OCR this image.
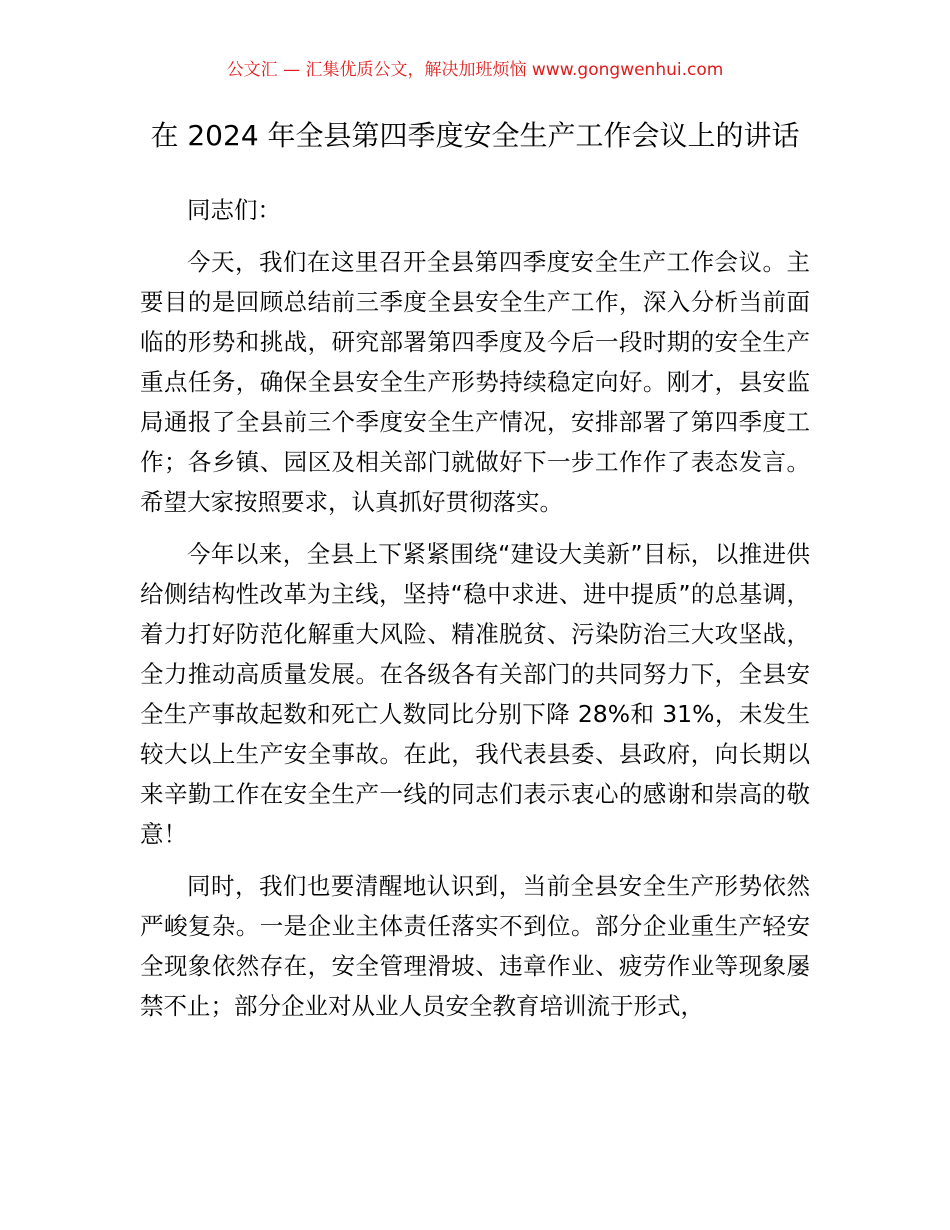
公文汇 — 汇集优质公文，解决加班烦恼 www.gongwenhui.com
在 2024 年全县第四季度安全生产工作会议上的讲话

同志们：

今天，我们在这里召开全县第四季度安全生产工作会议。主要目的是回顾总结前三季度全县安全生产工作，深入分析当前面临的形势和挑战，研究部署第四季度及今后一段时期的安全生产重点任务，确保全县安全生产形势持续稳定向好。刚才，县安监局通报了全县前三个季度安全生产情况，安排部署了第四季度工作；各乡镇、园区及相关部门就做好下一步工作作了表态发言。希望大家按照要求，认真抓好贯彻落实。

今年以来，全县上下紧紧围绕“建设大美新”目标，以推进供给侧结构性改革为主线，坚持“稳中求进、进中提质”的总基调，着力打好防范化解重大风险、精准脱贫、污染防治三大攻坚战，全力推动高质量发展。在各级各有关部门的共同努力下，全县安全生产事故起数和死亡人数同比分别下降 28%和 31%，未发生较大以上生产安全事故。在此，我代表县委、县政府，向长期以来辛勤工作在安全生产一线的同志们表示衷心的感谢和崇高的敬意！

同时，我们也要清醒地认识到，当前全县安全生产形势依然严峻复杂。一是企业主体责任落实不到位。部分企业重生产轻安全现象依然存在，安全管理滑坡、违章作业、疲劳作业等现象屡禁不止；部分企业对从业人员安全教育培训流于形式，
